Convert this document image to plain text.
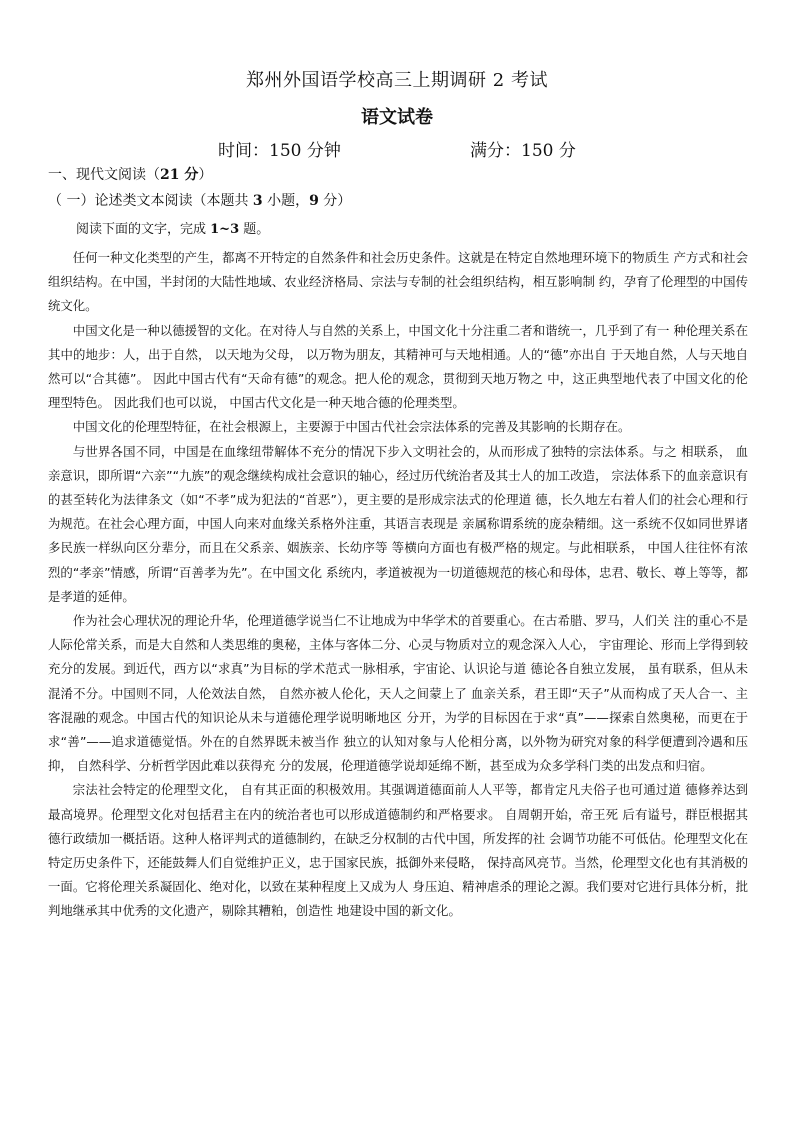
郑州外国语学校高三上期调研 2 考试
语文试卷
时间：150 分钟	满分：150 分
一、现代文阅读（21 分）
（ 一）论述类文本阅读（本题共 3 小题，9 分）
阅读下面的文字，完成 1~3 题。

任何一种文化类型的产生，都离不开特定的自然条件和社会历史条件。这就是在特定自然地理环境下的物质生 产方式和社会组织结构。在中国，半封闭的大陆性地域、农业经济格局、宗法与专制的社会组织结构，相互影响制 约，孕育了伦理型的中国传统文化。

中国文化是一种以德援智的文化。在对待人与自然的关系上，中国文化十分注重二者和谐统一，几乎到了有一 种伦理关系在其中的地步：人，出于自然， 以天地为父母， 以万物为朋友，其精神可与天地相通。人的“德”亦出自 于天地自然，人与天地自然可以“合其德”。 因此中国古代有“天命有德”的观念。把人伦的观念，贯彻到天地万物之 中，这正典型地代表了中国文化的伦理型特色。 因此我们也可以说， 中国古代文化是一种天地合德的伦理类型。

中国文化的伦理型特征，在社会根源上，主要源于中国古代社会宗法体系的完善及其影响的长期存在。

与世界各国不同，中国是在血缘纽带解体不充分的情况下步入文明社会的，从而形成了独特的宗法体系。与之 相联系， 血亲意识，即所谓“六亲”“九族”的观念继续构成社会意识的轴心，经过历代统治者及其士人的加工改造， 宗法体系下的血亲意识有的甚至转化为法律条文（如“不孝”成为犯法的“首恶”），更主要的是形成宗法式的伦理道 德，长久地左右着人们的社会心理和行为规范。在社会心理方面，中国人向来对血缘关系格外注重，其语言表现是 亲属称谓系统的庞杂精细。这一系统不仅如同世界诸多民族一样纵向区分辈分，而且在父系亲、姻族亲、长幼序等 等横向方面也有极严格的规定。与此相联系， 中国人往往怀有浓烈的“孝亲”情感，所谓“百善孝为先”。在中国文化 系统内，孝道被视为一切道德规范的核心和母体，忠君、敬长、尊上等等，都是孝道的延伸。

作为社会心理状况的理论升华，伦理道德学说当仁不让地成为中华学术的首要重心。在古希腊、罗马，人们关 注的重心不是人际伦常关系，而是大自然和人类思维的奥秘，主体与客体二分、心灵与物质对立的观念深入人心， 宇宙理论、形而上学得到较充分的发展。到近代，西方以“求真”为目标的学术范式一脉相承，宇宙论、认识论与道 德论各自独立发展， 虽有联系，但从未混淆不分。中国则不同，人伦效法自然， 自然亦被人伦化，天人之间蒙上了 血亲关系，君王即“天子”从而构成了天人合一、主客混融的观念。中国古代的知识论从未与道德伦理学说明晰地区 分开，为学的目标因在于求“真”——探索自然奥秘，而更在于求“善”——追求道德觉悟。外在的自然界既未被当作 独立的认知对象与人伦相分离，以外物为研究对象的科学便遭到冷遇和压抑， 自然科学、分析哲学因此难以获得充 分的发展，伦理道德学说却延绵不断，甚至成为众多学科门类的出发点和归宿。

宗法社会特定的伦理型文化， 自有其正面的积极效用。其强调道德面前人人平等，都肯定凡夫俗子也可通过道 德修养达到最高境界。伦理型文化对包括君主在内的统治者也可以形成道德制约和严格要求。 自周朝开始，帝王死 后有谥号，群臣根据其德行政绩加一概括语。这种人格评判式的道德制约，在缺乏分权制的古代中国，所发挥的社 会调节功能不可低估。伦理型文化在特定历史条件下，还能鼓舞人们自觉维护正义，忠于国家民族，抵御外来侵略， 保持高风亮节。当然，伦理型文化也有其消极的一面。它将伦理关系凝固化、绝对化，以致在某种程度上又成为人 身压迫、精神虐杀的理论之源。我们要对它进行具体分析，批判地继承其中优秀的文化遗产，剔除其糟粕，创造性 地建设中国的新文化。
